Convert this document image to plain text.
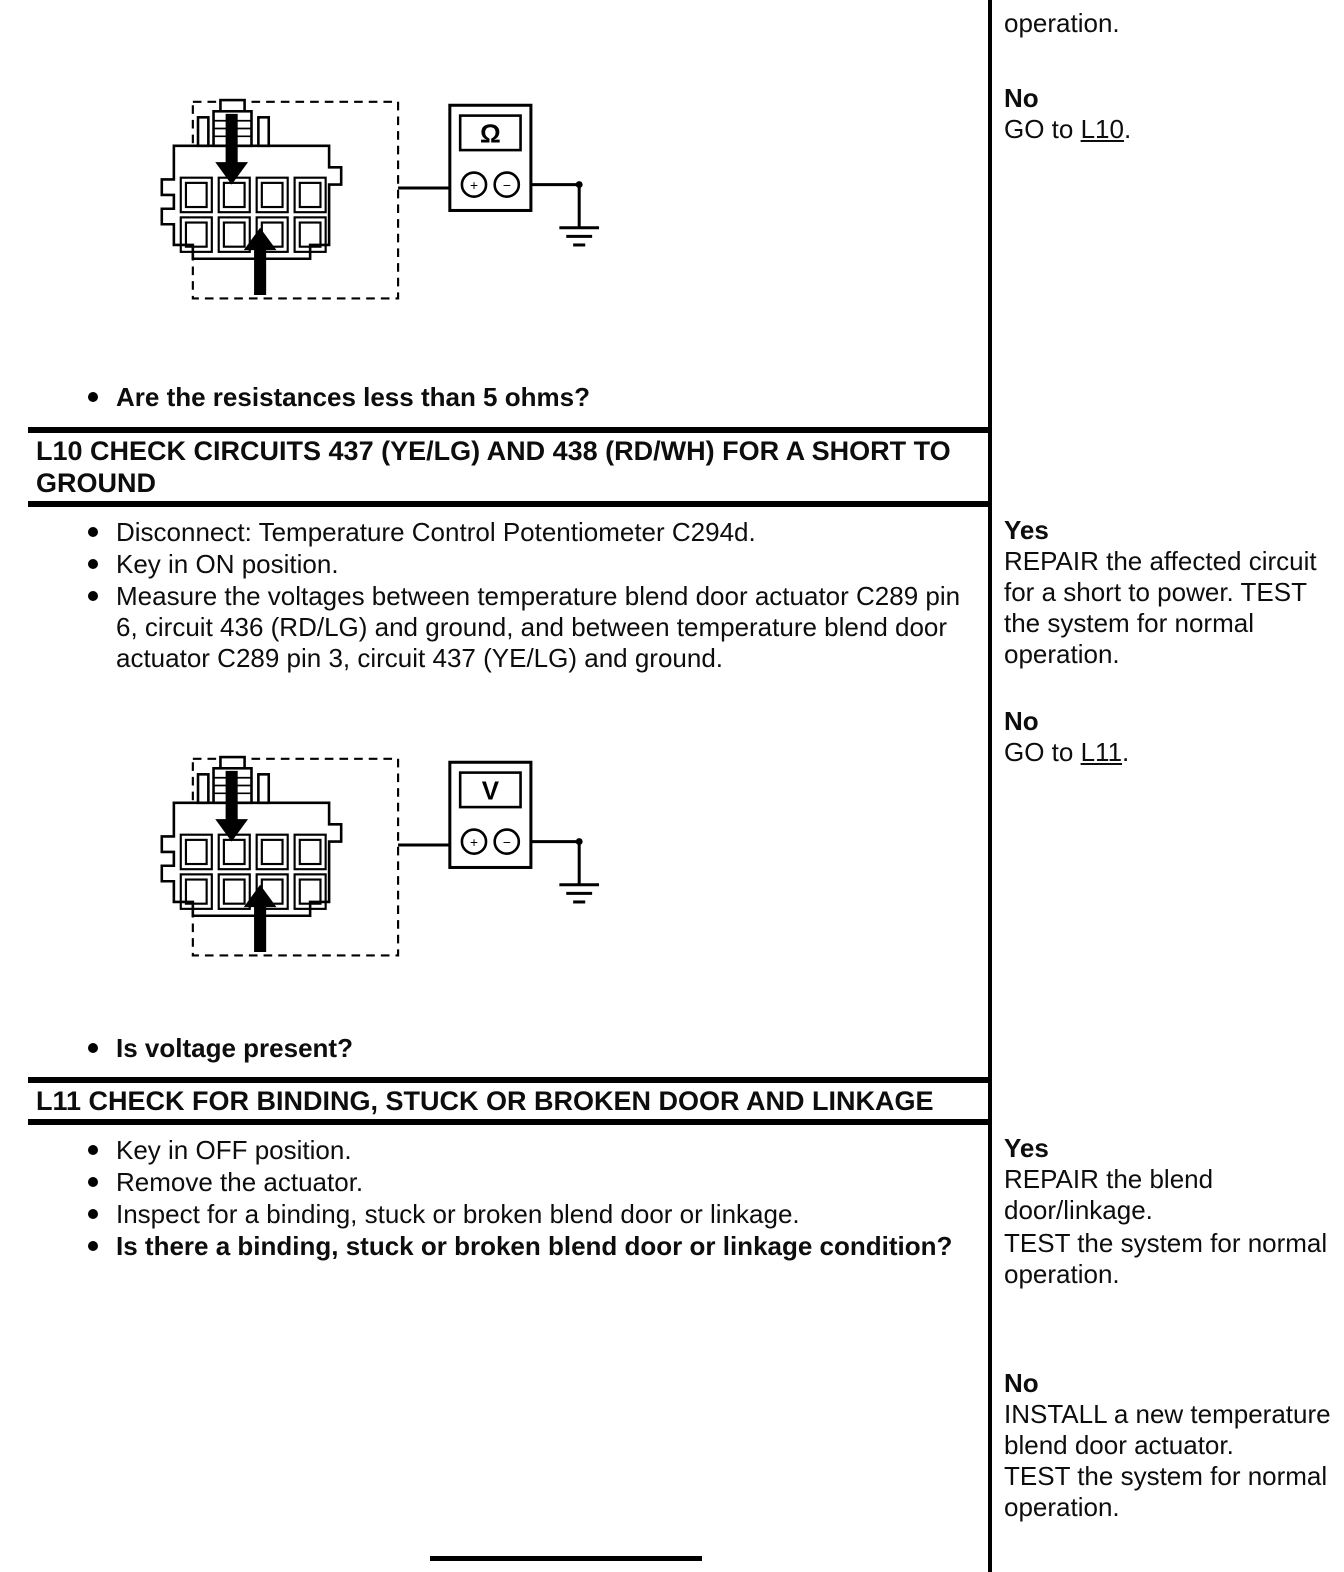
Ω
+ −
Are the resistances less than 5 ohms?

operation.

No

GO to L10.

L10 CHECK CIRCUITS 437 (YE/LG) AND 438 (RD/WH) FOR A SHORT TO GROUND
Disconnect: Temperature Control Potentiometer C294d.
Key in ON position.
Measure the voltages between temperature blend door actuator C289 pin 6, circuit 436 (RD/LG) and ground, and between temperature blend door actuator C289 pin 3, circuit 437 (YE/LG) and ground.
V
+ −
Is voltage present?

Yes

REPAIR the affected circuit for a short to power. TEST the system for normal operation.

No

GO to L11.

L11 CHECK FOR BINDING, STUCK OR BROKEN DOOR AND LINKAGE
Key in OFF position.
Remove the actuator.
Inspect for a binding, stuck or broken blend door or linkage.
Is there a binding, stuck or broken blend door or linkage condition?

Yes

REPAIR the blend door/linkage.

TEST the system for normal operation.

No

INSTALL a new temperature blend door actuator.

TEST the system for normal operation.
